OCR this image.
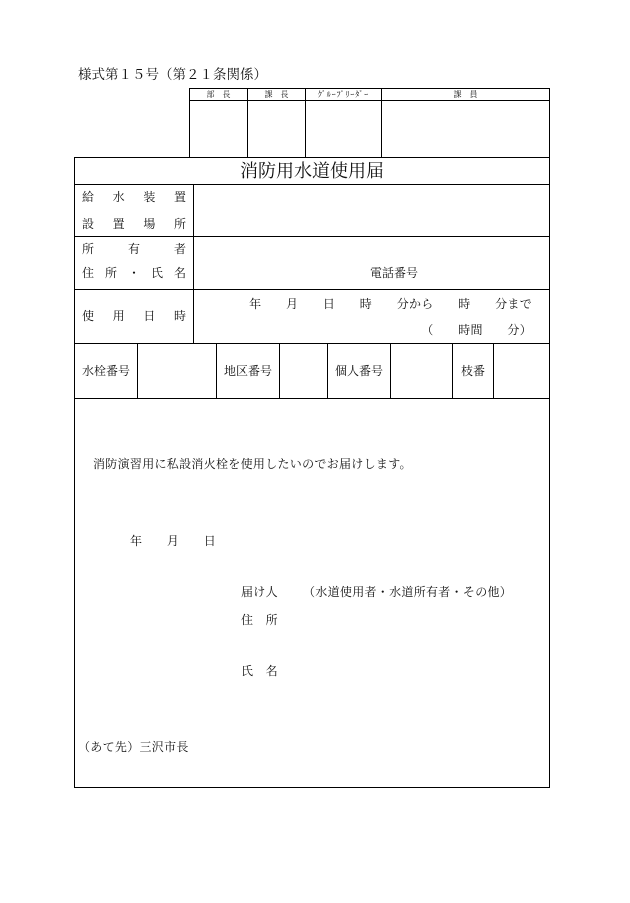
様式第１５号（第２１条関係）
部　長	課　長	ｸﾞﾙｰﾌﾟﾘｰﾀﾞｰ	課　員
消防用水道使用届
給 水 装 置
設 置 場 所
所 有 者
住 所 ・ 氏 名	電話番号
使 用 日 時
年　　月　　日　　時　　分から　　時　　分まで
（　　時間　　分）
水栓番号	地区番号	個人番号	枝番
消防演習用に私設消火栓を使用したいのでお届けします。
年　　月　　日
届け人 （水道使用者・水道所有者・その他）
住　所
氏　名
（あて先）三沢市長
